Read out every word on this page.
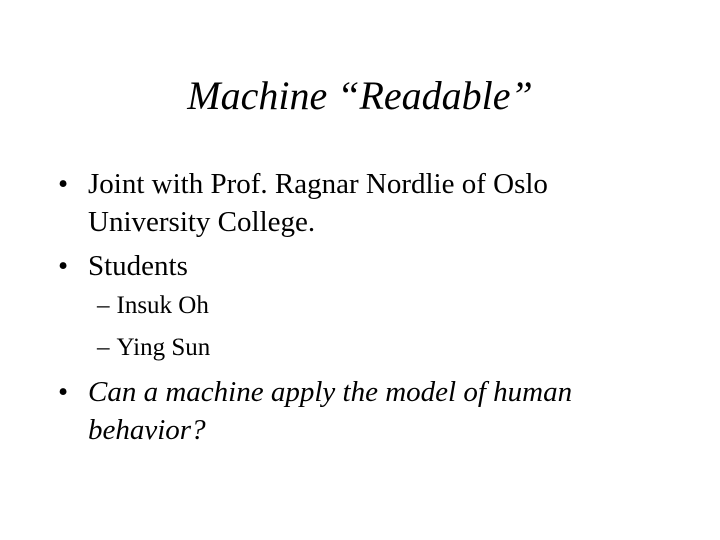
Machine “Readable”
• Joint with Prof. Ragnar Nordlie of Oslo University College.
• Students
– Insuk Oh
– Ying Sun
• Can a machine apply the model of human behavior?
